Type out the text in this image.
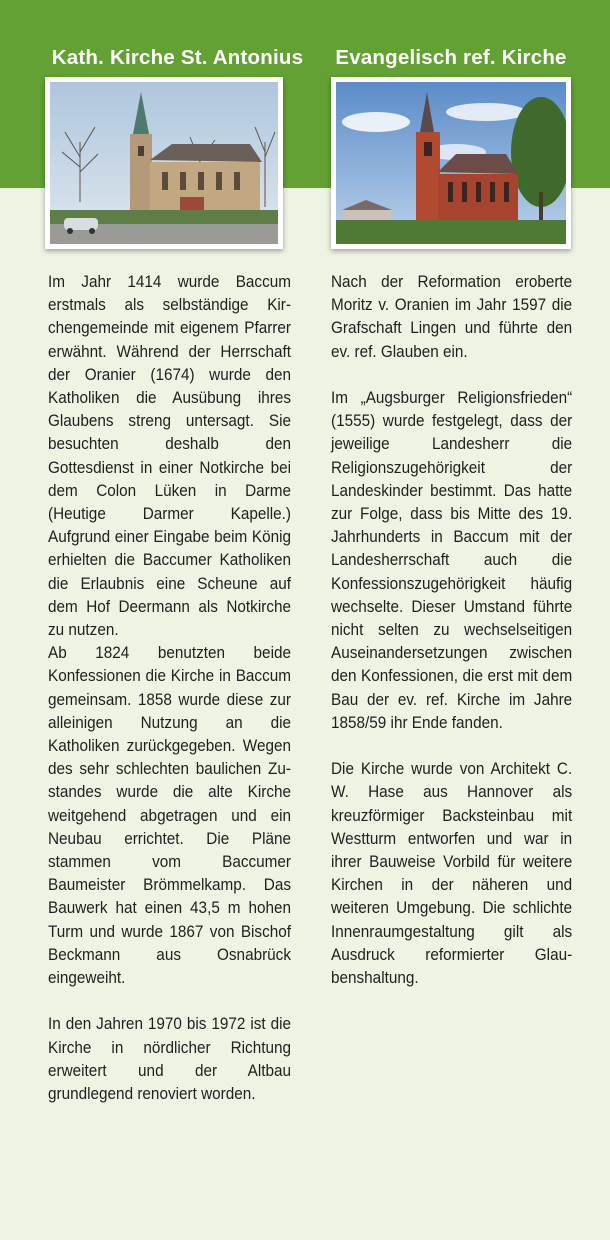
Kath. Kirche St. Antonius	Evangelisch ref. Kirche

Im Jahr 1414 wurde Baccum erstmals als selbständige Kirchengemeinde mit eigenem Pfarrer erwähnt. Während der Herrschaft der Oranier (1674) wurde den Katholiken die Ausübung ihres Glaubens streng untersagt. Sie besuchten deshalb den Gottesdienst in einer Notkirche bei dem Colon Lüken in Darme (Heutige Darmer Kapelle.) Aufgrund einer Eingabe beim König erhielten die Baccumer Katholiken die Erlaubnis eine Scheune auf dem Hof Deermann als Notkirche zu nutzen.

Ab 1824 benutzten beide Konfessionen die Kirche in Baccum gemeinsam. 1858 wurde diese zur alleinigen Nutzung an die Katholiken zurückgegeben. Wegen des sehr schlechten baulichen Zustandes wurde die alte Kirche weitgehend abgetragen und ein Neubau errichtet. Die Pläne stammen vom Baccumer Baumeister Brömmelkamp. Das Bauwerk hat einen 43,5 m hohen Turm und wurde 1867 von Bischof Beckmann aus Osnabrück eingeweiht.

In den Jahren 1970 bis 1972 ist die Kirche in nördlicher Richtung erweitert und der Altbau grundlegend renoviert worden.

Nach der Reformation eroberte Moritz v. Oranien im Jahr 1597 die Grafschaft Lingen und führte den ev. ref. Glauben ein.

Im „Augsburger Religionsfrieden“ (1555) wurde festgelegt, dass der jeweilige Landesherr die Religionszugehörigkeit der Landeskinder bestimmt. Das hatte zur Folge, dass bis Mitte des 19. Jahrhunderts in Baccum mit der Landesherrschaft auch die Konfessionszugehörigkeit häufig wechselte. Dieser Umstand führte nicht selten zu wechselseitigen Auseinandersetzungen zwischen den Konfessionen, die erst mit dem Bau der ev. ref. Kirche im Jahre 1858/59 ihr Ende fanden.

Die Kirche wurde von Architekt C. W. Hase aus Hannover als kreuzförmiger Backsteinbau mit Westturm entworfen und war in ihrer Bauweise Vorbild für weitere Kirchen in der näheren und weiteren Umgebung. Die schlichte Innenraumgestaltung gilt als Ausdruck reformierter Glaubenshaltung.
